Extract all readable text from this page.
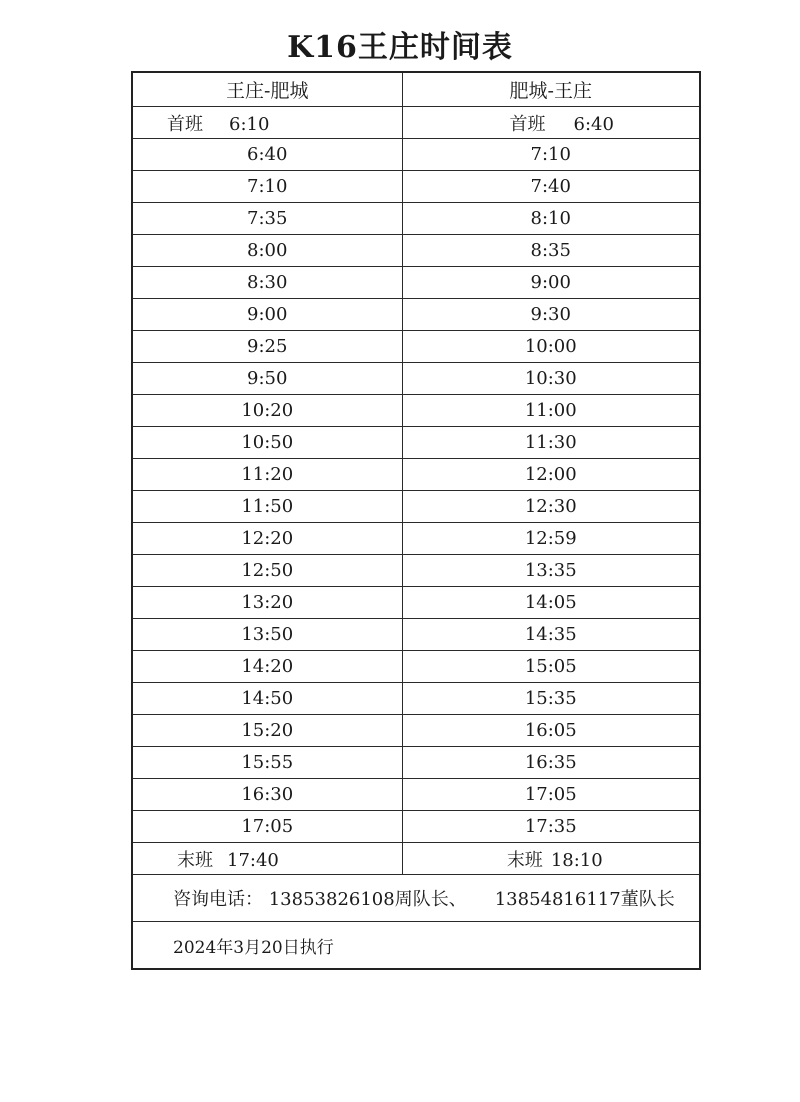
K16王庄时间表
王庄-肥城	肥城-王庄
首班 6:10	首班 6:40
6:40	7:10
7:10	7:40
7:35	8:10
8:00	8:35
8:30	9:00
9:00	9:30
9:25	10:00
9:50	10:30
10:20	11:00
10:50	11:30
11:20	12:00
11:50	12:30
12:20	12:59
12:50	13:35
13:20	14:05
13:50	14:35
14:20	15:05
14:50	15:35
15:20	16:05
15:55	16:35
16:30	17:05
17:05	17:35
末班 17:40	末班 18:10
咨询电话： 13853826108周队长、 13854816117董队长	
2024年3月20日执行	
